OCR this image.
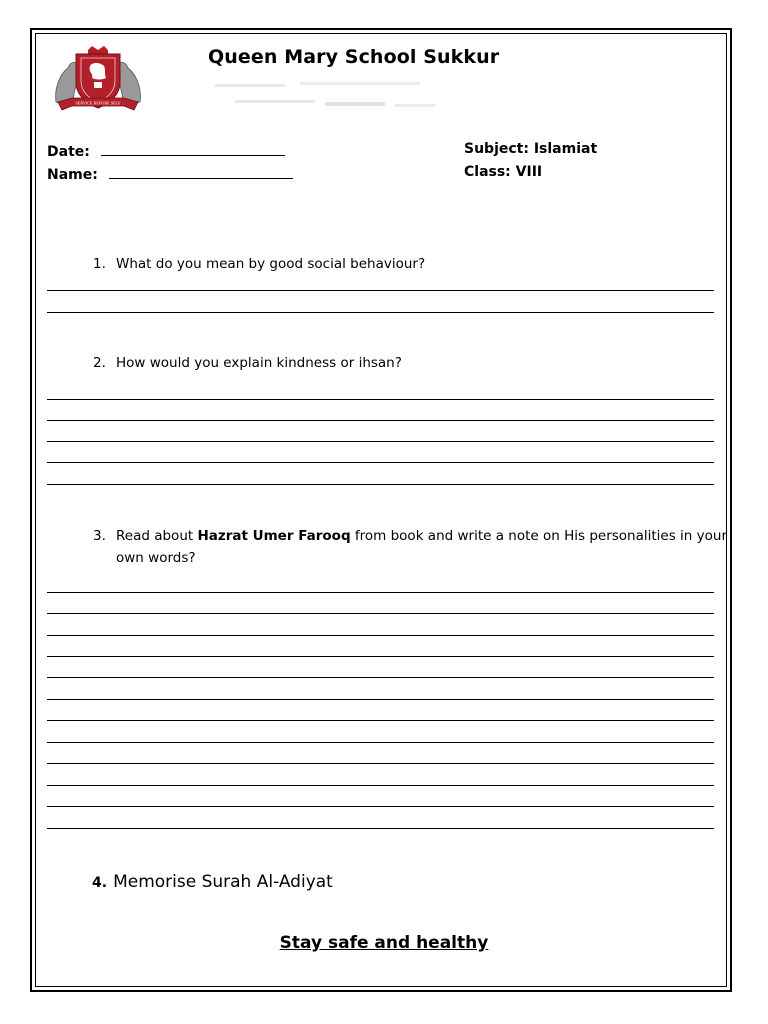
SERVICE BEFORE SELF
Queen Mary School Sukkur
Date:
Name:
Subject: Islamiat
Class: VIII
1. What do you mean by good social behaviour?
2. How would you explain kindness or ihsan?
3. Read about Hazrat Umer Farooq from book and write a note on His personalities in your
own words?
4. Memorise Surah Al-Adiyat
Stay safe and healthy
